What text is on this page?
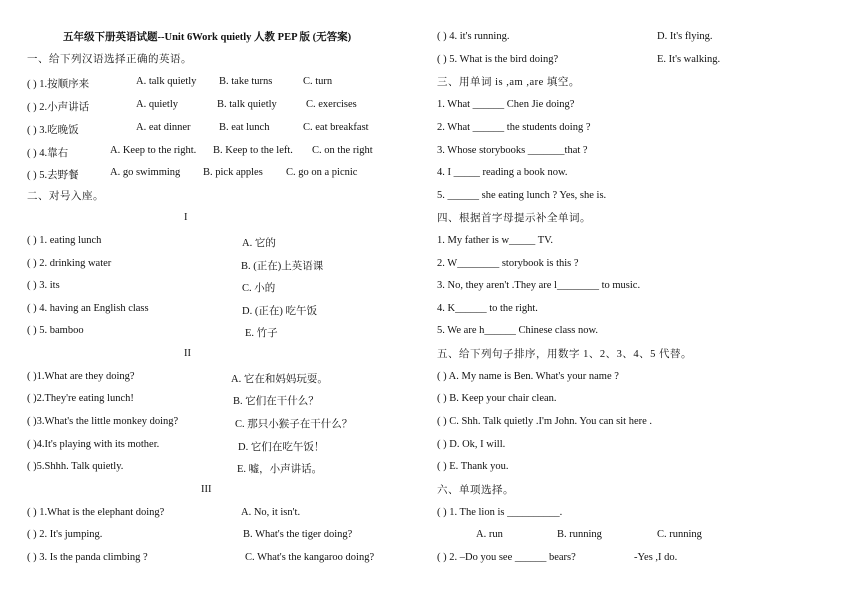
五年级下册英语试题--Unit 6Work quietly 人教 PEP 版 (无答案)
一、给下列汉语选择正确的英语。
( ) 1.按顺序来	A. talk quietly B. take turns	C. turn
( ) 2.小声讲话	A. quietly	B. talk quietly	C. exercises
( ) 3.吃晚饭	A. eat dinner	B. eat lunch	C. eat breakfast
( ) 4.靠右	A. Keep to the right. B. Keep to the left. C. on the right
( ) 5.去野餐	A. go swimming B. pick apples C. go on a picnic
二、对号入座。
I
( ) 1. eating lunch	A. 它的
( ) 2. drinking water	B. (正在)上英语课
( ) 3. its	C. 小的
( ) 4. having an English class	D. (正在) 吃午饭
( ) 5. bamboo	E. 竹子
II
( )1.What are they doing?	A. 它在和妈妈玩耍。
( )2.They're eating lunch!	B. 它们在干什么？
( )3.What's the little monkey doing?	C. 那只小猴子在干什么？
( )4.It's playing with its mother.	D. 它们在吃午饭！
( )5.Shhh. Talk quietly.	E. 嘘，小声讲话。
III
( ) 1.What is the elephant doing?	A. No, it isn't.
( ) 2. It's jumping.	B. What's the tiger doing?
( ) 3. Is the panda climbing ?	C. What's the kangaroo doing?
( ) 4. it's running.	D. It's flying.
( ) 5. What is the bird doing?	E. It's walking.
三、用单词 is ,am ,are 填空。
1. What ______ Chen Jie doing?
2. What ______ the students doing ?
3. Whose storybooks _______that ?
4. I _____ reading a book now.
5. ______ she eating lunch ? Yes, she is.
四、根据首字母提示补全单词。
1. My father is w_____ TV.
2. W________ storybook is this ?
3. No, they aren't .They are l________ to music.
4. K______ to the right.
5. We are h______ Chinese class now.
五、给下列句子排序，用数字 1、2、3、4、5 代替。
( ) A. My name is Ben. What's your name ?
( ) B. Keep your chair clean.
( ) C. Shh. Talk quietly .I'm John. You can sit here .
( ) D. Ok, I will.
( ) E. Thank you.
六、单项选择。
( ) 1. The lion is __________.
A. run	B. running	C. running
( ) 2. –Do you see ______ bears?	-Yes ,I do.
